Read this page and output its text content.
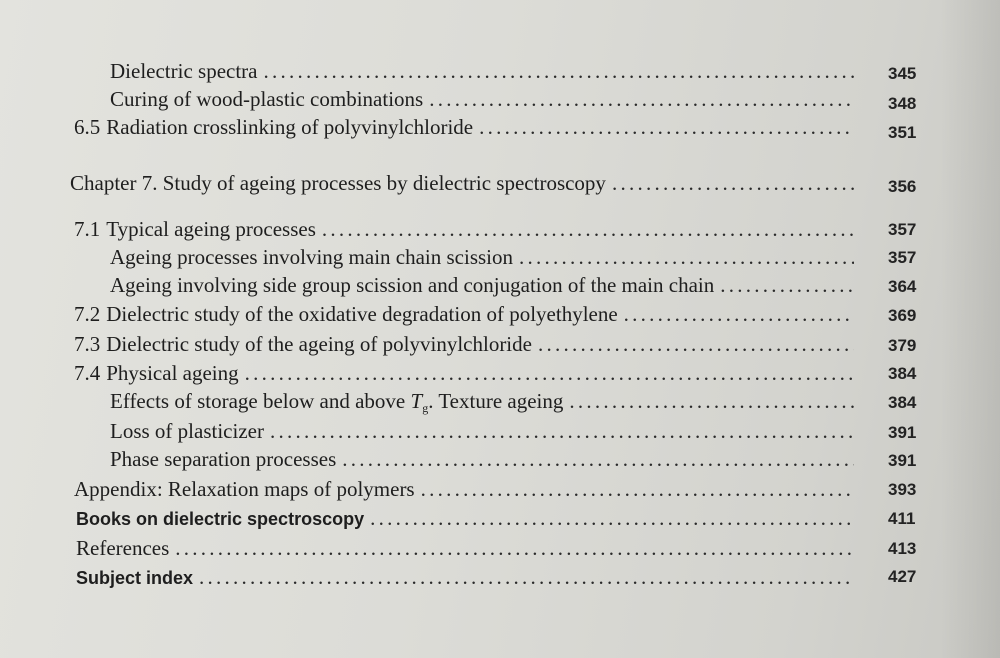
Dielectric spectra . . .	345
Curing of wood-plastic combinations . . .	348
6.5 Radiation crosslinking of polyvinylchloride . . .	351
Chapter 7. Study of ageing processes by dielectric spectroscopy . . .	356
7.1 Typical ageing processes . . .	357
Ageing processes involving main chain scission . . .	357
Ageing involving side group scission and conjugation of the main chain . . .	364
7.2 Dielectric study of the oxidative degradation of polyethylene . . .	369
7.3 Dielectric study of the ageing of polyvinylchloride . . .	379
7.4 Physical ageing . . .	384
Effects of storage below and above Tg. Texture ageing . . .	384
Loss of plasticizer . . .	391
Phase separation processes . . .	391
Appendix: Relaxation maps of polymers . . .	393
Books on dielectric spectroscopy . . .	411
References . . .	413
Subject index . . .	427
